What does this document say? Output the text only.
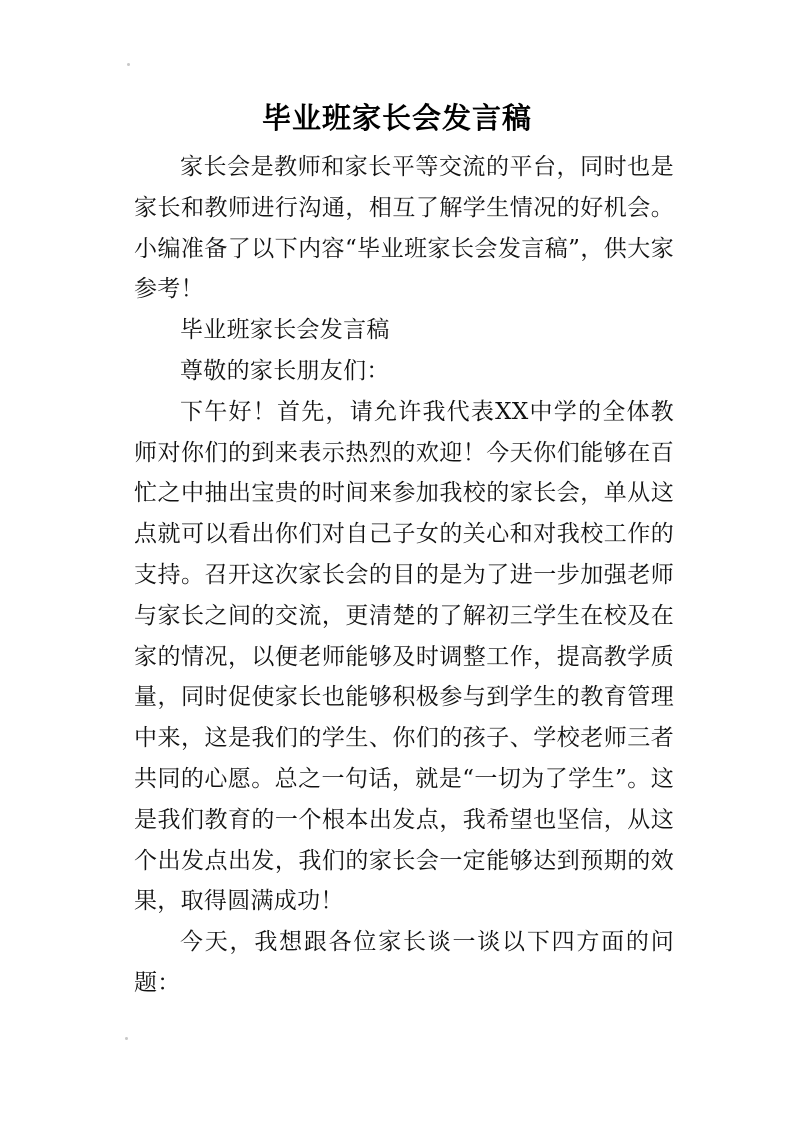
毕业班家长会发言稿

家长会是教师和家长平等交流的平台，同时也是家长和教师进行沟通，相互了解学生情况的好机会。小编准备了以下内容“毕业班家长会发言稿”，供大家参考！

毕业班家长会发言稿

尊敬的家长朋友们：

下午好！首先，请允许我代表XX中学的全体教师对你们的到来表示热烈的欢迎！今天你们能够在百忙之中抽出宝贵的时间来参加我校的家长会，单从这点就可以看出你们对自己子女的关心和对我校工作的支持。召开这次家长会的目的是为了进一步加强老师与家长之间的交流，更清楚的了解初三学生在校及在家的情况，以便老师能够及时调整工作，提高教学质量，同时促使家长也能够积极参与到学生的教育管理中来，这是我们的学生、你们的孩子、学校老师三者共同的心愿。总之一句话，就是“一切为了学生”。这是我们教育的一个根本出发点，我希望也坚信，从这个出发点出发，我们的家长会一定能够达到预期的效果，取得圆满成功！

今天，我想跟各位家长谈一谈以下四方面的问题：
